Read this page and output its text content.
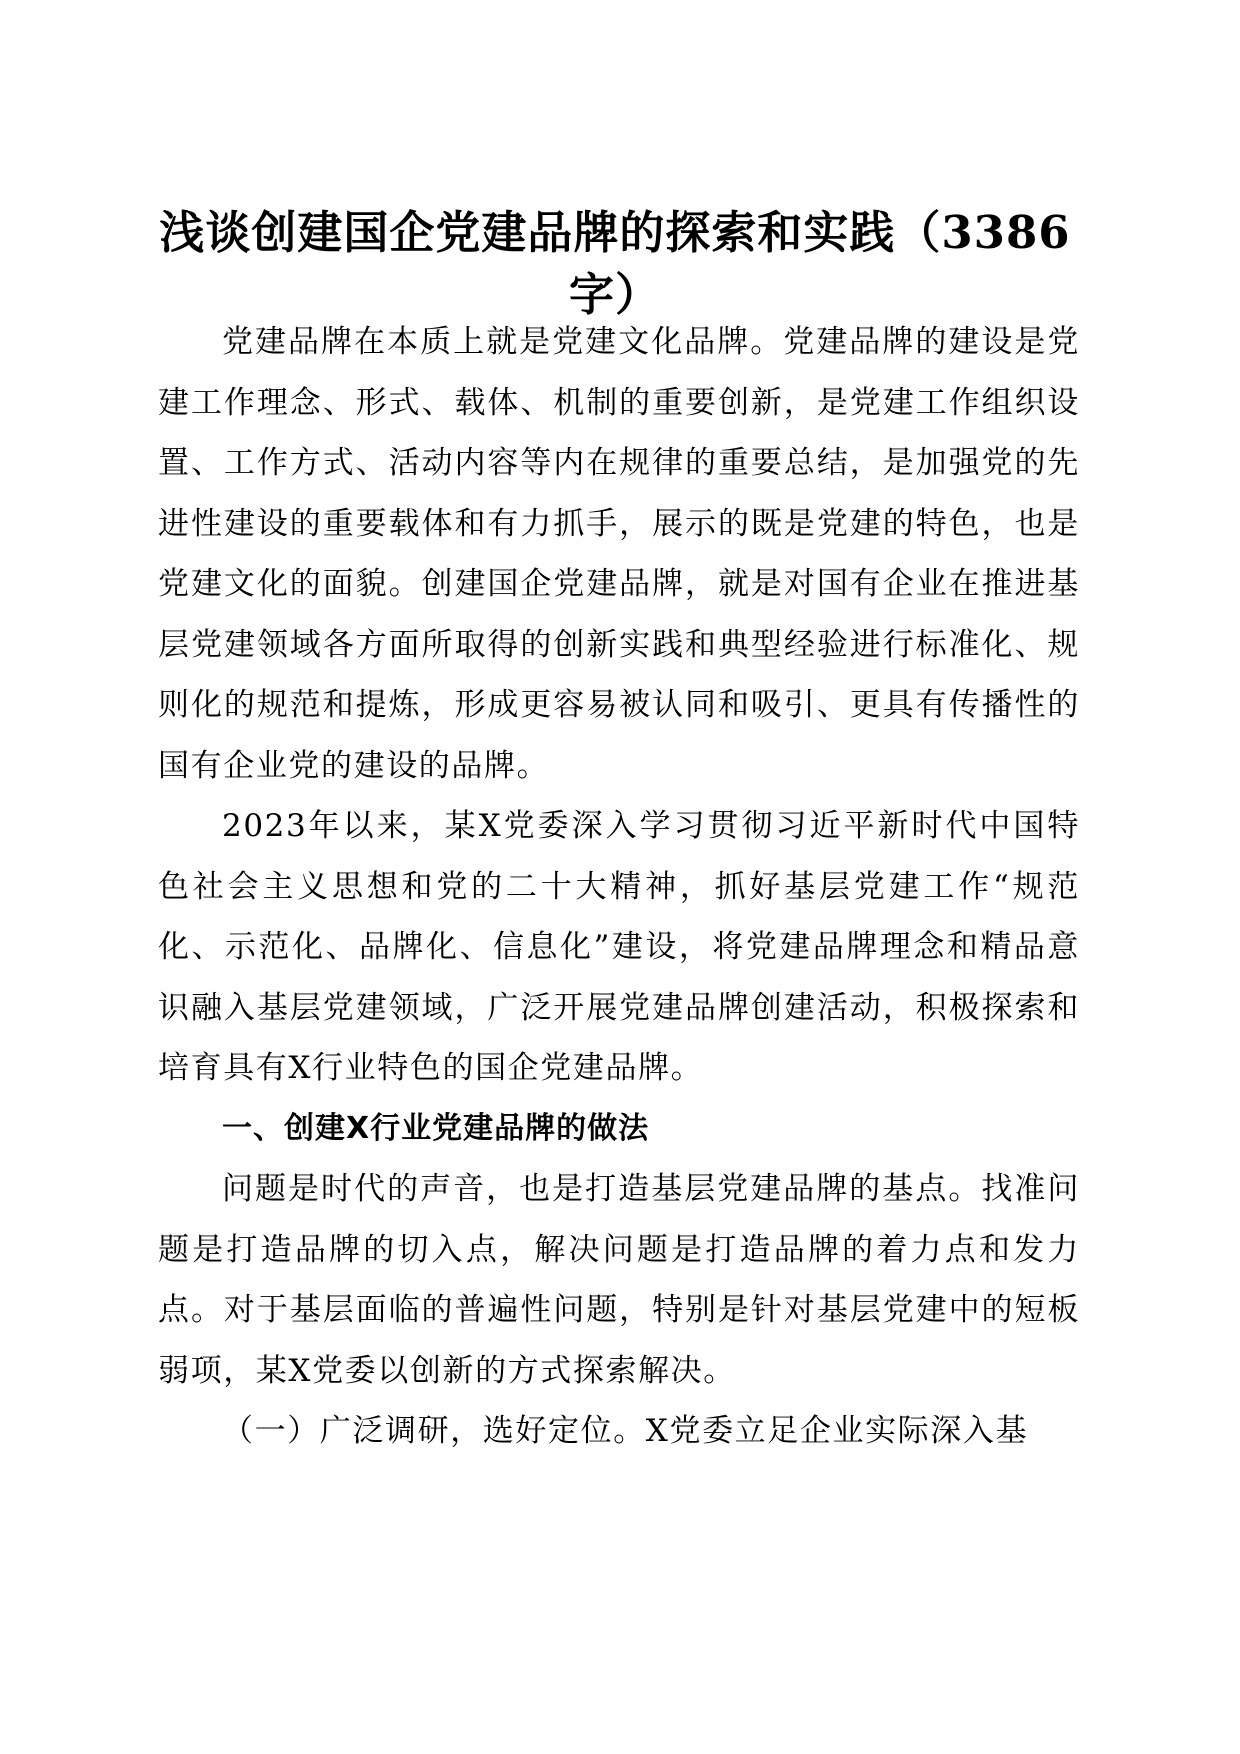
浅谈创建国企党建品牌的探索和实践（3386字）

党建品牌在本质上就是党建文化品牌。党建品牌的建设是党建工作理念、形式、载体、机制的重要创新，是党建工作组织设置、工作方式、活动内容等内在规律的重要总结，是加强党的先进性建设的重要载体和有力抓手，展示的既是党建的特色，也是党建文化的面貌。创建国企党建品牌，就是对国有企业在推进基层党建领域各方面所取得的创新实践和典型经验进行标准化、规则化的规范和提炼，形成更容易被认同和吸引、更具有传播性的国有企业党的建设的品牌。

2023年以来，某X党委深入学习贯彻习近平新时代中国特色社会主义思想和党的二十大精神，抓好基层党建工作“规范化、示范化、品牌化、信息化”建设，将党建品牌理念和精品意识融入基层党建领域，广泛开展党建品牌创建活动，积极探索和培育具有X行业特色的国企党建品牌。

一、创建X行业党建品牌的做法

问题是时代的声音，也是打造基层党建品牌的基点。找准问题是打造品牌的切入点，解决问题是打造品牌的着力点和发力点。对于基层面临的普遍性问题，特别是针对基层党建中的短板弱项，某X党委以创新的方式探索解决。

（一）广泛调研，选好定位。X党委立足企业实际深入基
